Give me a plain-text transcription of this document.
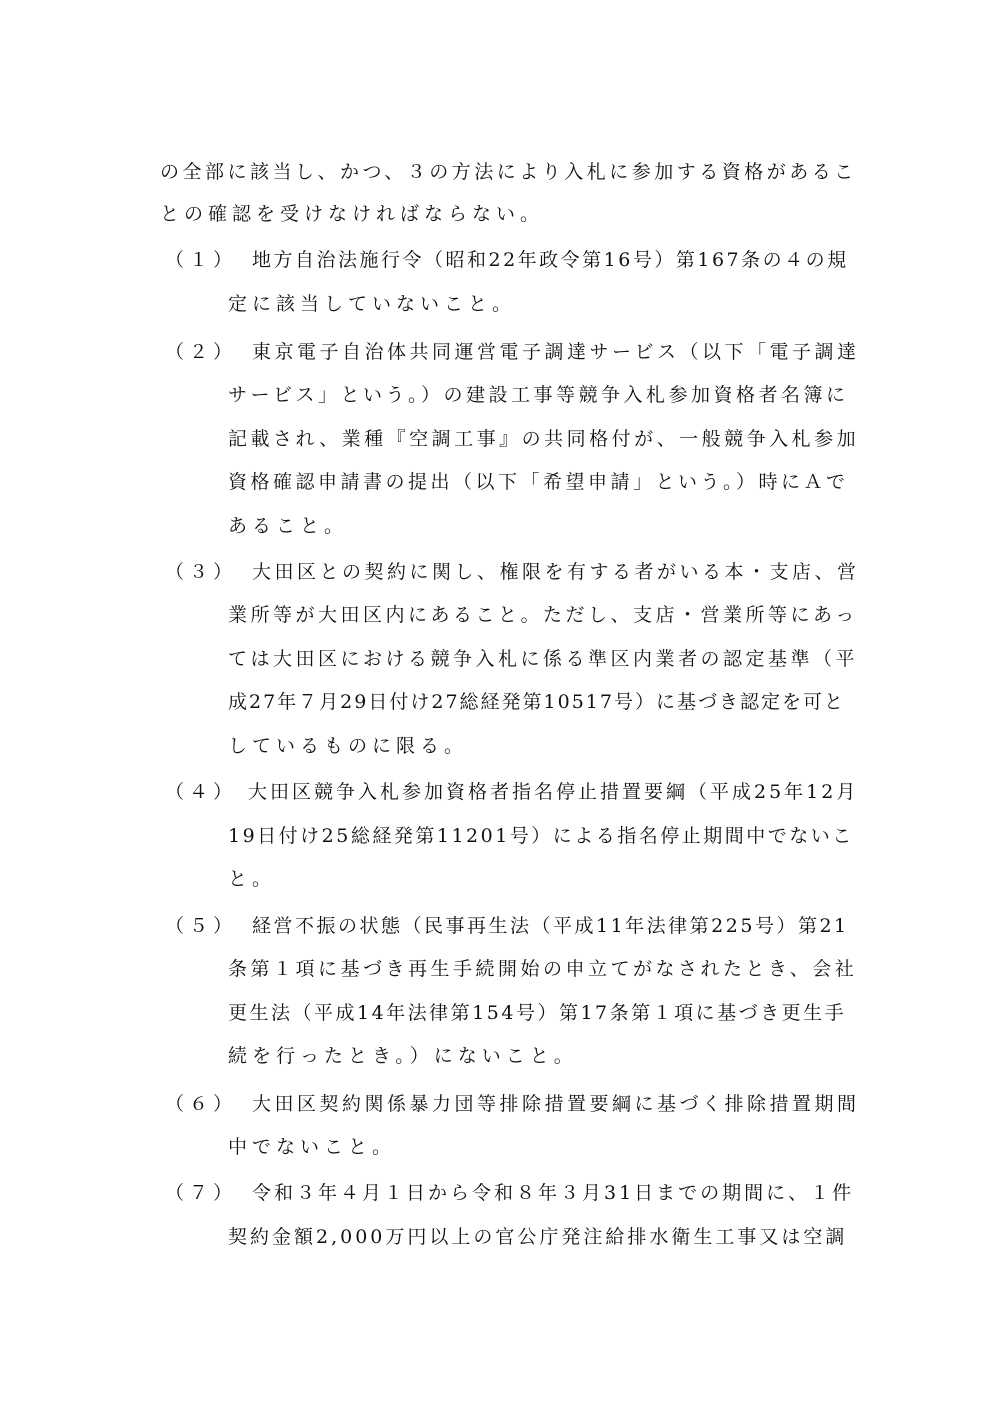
の全部に該当し、かつ、３の方法により入札に参加する資格があるこ
との確認を受けなければならない。
（１） 地方自治法施行令（昭和22年政令第16号）第167条の４の規
定に該当していないこと。
（２） 東京電子自治体共同運営電子調達サービス（以下「電子調達
サービス」という。）の建設工事等競争入札参加資格者名簿に
記載され、業種『空調工事』の共同格付が、一般競争入札参加
資格確認申請書の提出（以下「希望申請」という。）時にＡで
あること。
（３） 大田区との契約に関し、権限を有する者がいる本・支店、営
業所等が大田区内にあること。ただし、支店・営業所等にあっ
ては大田区における競争入札に係る準区内業者の認定基準（平
成27年７月29日付け27総経発第10517号）に基づき認定を可と
しているものに限る。
（４） 大田区競争入札参加資格者指名停止措置要綱（平成25年12月
19日付け25総経発第11201号）による指名停止期間中でないこ
と。
（５） 経営不振の状態（民事再生法（平成11年法律第225号）第21
条第１項に基づき再生手続開始の申立てがなされたとき、会社
更生法（平成14年法律第154号）第17条第１項に基づき更生手
続を行ったとき。）にないこと。
（６） 大田区契約関係暴力団等排除措置要綱に基づく排除措置期間
中でないこと。
（７） 令和３年４月１日から令和８年３月31日までの期間に、１件
契約金額2,000万円以上の官公庁発注給排水衛生工事又は空調
